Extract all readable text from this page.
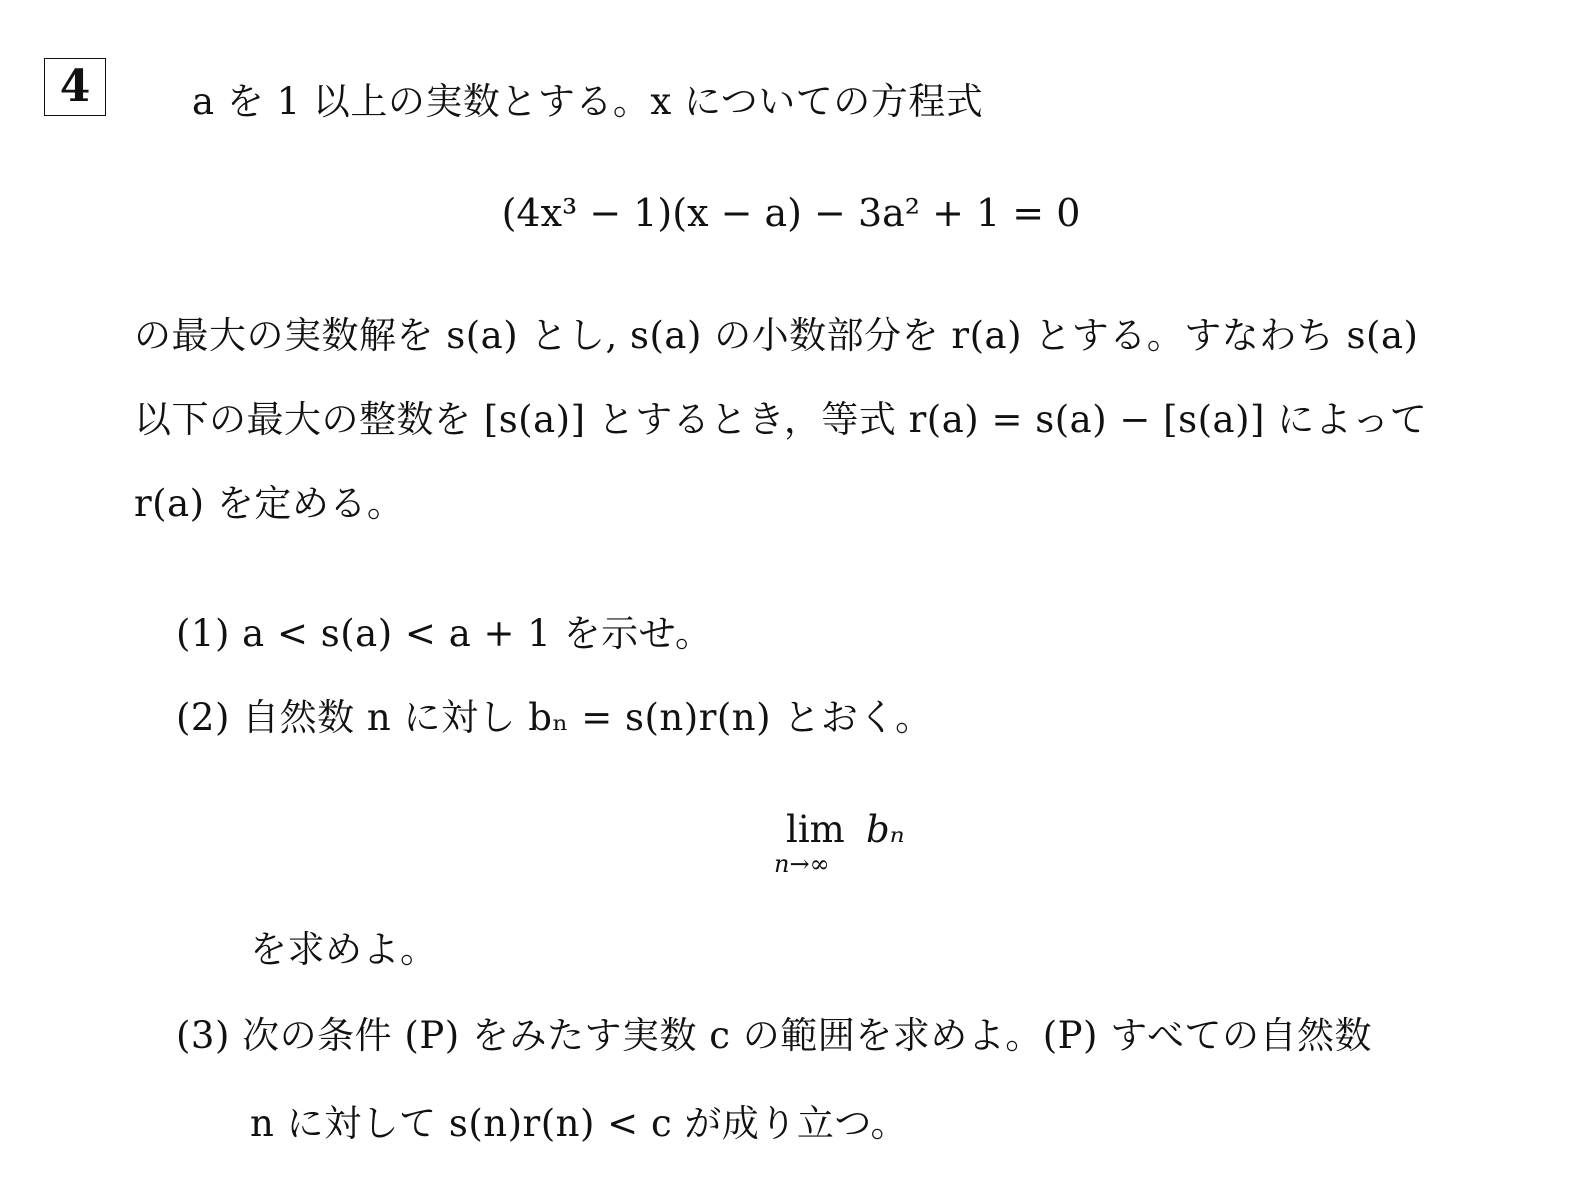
4	a を 1 以上の実数とする。x についての方程式
(4x³ − 1)(x − a) − 3a² + 1 = 0
の最大の実数解を s(a) とし, s(a) の小数部分を r(a) とする。すなわち s(a)
以下の最大の整数を [s(a)] とするとき，等式 r(a) = s(a) − [s(a)] によって
r(a) を定める。
(1) a < s(a) < a + 1 を示せ。
(2) 自然数 n に対し bₙ = s(n)r(n) とおく。
lim
n→∞
bₙ
を求めよ。
(3) 次の条件 (P) をみたす実数 c の範囲を求めよ。(P) すべての自然数
n に対して s(n)r(n) < c が成り立つ。
